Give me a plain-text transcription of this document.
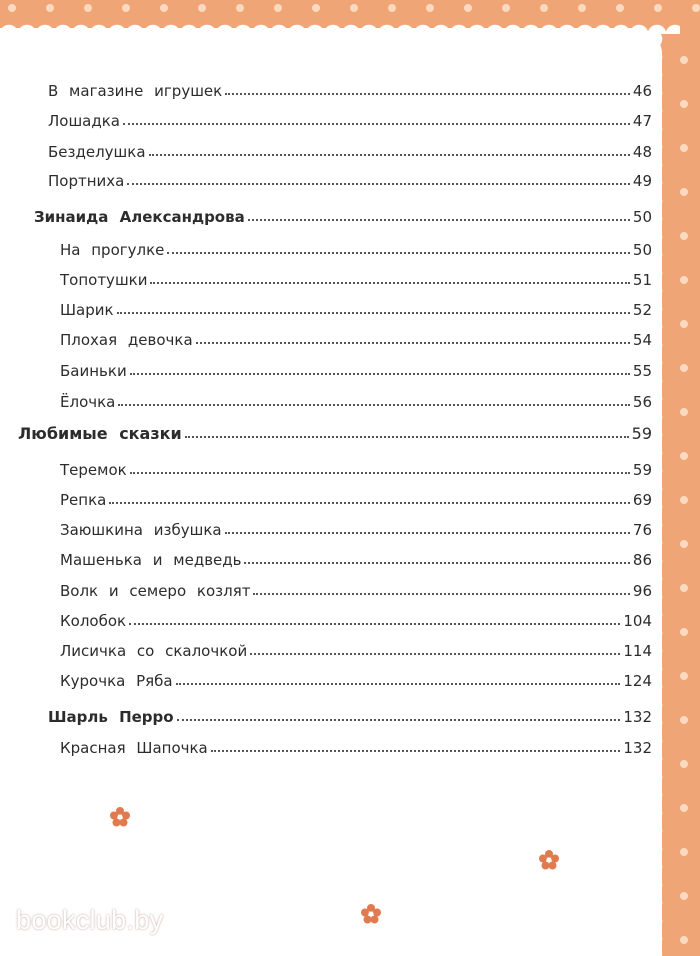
В магазине игрушек	46
Лошадка	47
Безделушка	48
Портниха	49
Зинаида Александрова	50
На прогулке	50
Топотушки	51
Шарик	52
Плохая девочка	54
Баиньки	55
Ёлочка	56
Любимые сказки	59
Теремок	59
Репка	69
Заюшкина избушка	76
Машенька и медведь	86
Волк и семеро козлят	96
Колобок	104
Лисичка со скалочкой	114
Курочка Ряба	124
Шарль Перро	132
Красная Шапочка	132
bookclub.by
